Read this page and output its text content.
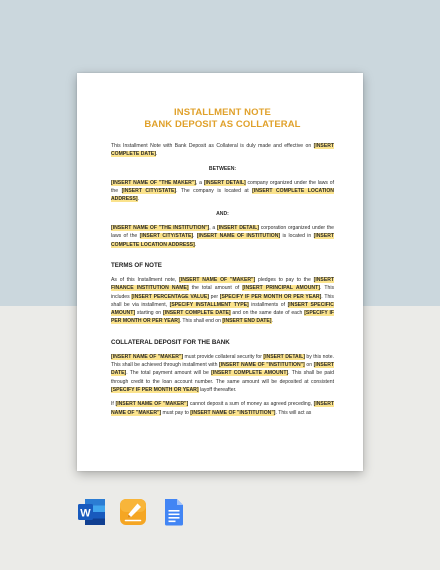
INSTALLMENT NOTE
BANK DEPOSIT AS COLLATERAL

This Installment Note with Bank Deposit as Collateral is duly made and effective on [INSERT COMPLETE DATE].

BETWEEN:

[INSERT NAME OF "THE MAKER"], a [INSERT DETAIL] company organized under the laws of the [INSERT CITY/STATE]. The company is located at [INSERT COMPLETE LOCATION ADDRESS].

AND:

[INSERT NAME OF "THE INSTITUTION"], a [INSERT DETAIL] corporation organized under the laws of the [INSERT CITY/STATE]. [INSERT NAME OF INSTITUTION] is located in [INSERT COMPLETE LOCATION ADDRESS].

TERMS OF NOTE

As of this Installment note, [INSERT NAME OF "MAKER"] pledges to pay to the [INSERT FINANCE INSTITUTION NAME] the total amount of [INSERT PRINCIPAL AMOUNT]. This includes [INSERT PERCENTAGE VALUE] per [SPECIFY IF PER MONTH OR PER YEAR]. This shall be via installment, [SPECIFY INSTALLMENT TYPE] installments of [INSERT SPECIFIC AMOUNT] starting on [INSERT COMPLETE DATE] and on the same date of each [SPECIFY IF PER MONTH OR PER YEAR]. This shall end on [INSERT END DATE].

COLLATERAL DEPOSIT FOR THE BANK

[INSERT NAME OF "MAKER"] must provide collateral security for [INSERT DETAIL] by this note. This shall be achieved through installment with [INSERT NAME OF "INSTITUTION"] on [INSERT DATE]. The total payment amount will be [INSERT COMPLETE AMOUNT]. This shall be paid through credit to the loan account number. The same amount will be deposited at consistent [SPECIFY IF PER MONTH OR YEAR] layoff thereafter.

If [INSERT NAME OF "MAKER"] cannot deposit a sum of money as agreed preceding, [INSERT NAME OF "MAKER"] must pay to [INSERT NAME OF "INSTITUTION"]. This will act as

W
